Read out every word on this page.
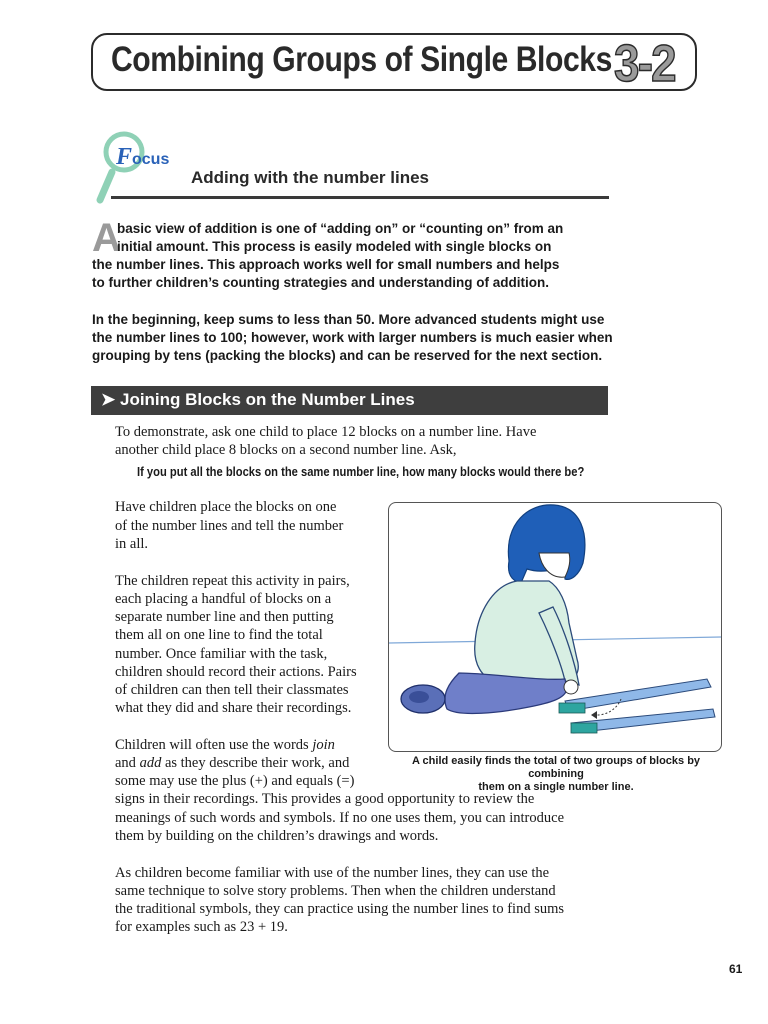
Combining Groups of Single Blocks 3-2
F ocus
Adding with the number lines
A
basic view of addition is one of “adding on” or “counting on” from an
initial amount. This process is easily modeled with single blocks on
the number lines. This approach works well for small numbers and helps
to further children’s counting strategies and understanding of addition.
In the beginning, keep sums to less than 50. More advanced students might use
the number lines to 100; however, work with larger numbers is much easier when
grouping by tens (packing the blocks) and can be reserved for the next section.
➤ Joining Blocks on the Number Lines
To demonstrate, ask one child to place 12 blocks on a number line. Have
another child place 8 blocks on a second number line. Ask,
If you put all the blocks on the same number line, how many blocks would there be?
Have children place the blocks on one
of the number lines and tell the number
in all.
The children repeat this activity in pairs,
each placing a handful of blocks on a
separate number line and then putting
them all on one line to find the total
number. Once familiar with the task,
children should record their actions. Pairs
of children can then tell their classmates
what they did and share their recordings.
Children will often use the words join
and add as they describe their work, and
some may use the plus (+) and equals (=)
signs in their recordings. This provides a good opportunity to review the
meanings of such words and symbols. If no one uses them, you can introduce
them by building on the children’s drawings and words.
As children become familiar with use of the number lines, they can use the
same technique to solve story problems. Then when the children understand
the traditional symbols, they can practice using the number lines to find sums
for examples such as 23 + 19.
A child easily finds the total of two groups of blocks by combining
them on a single number line.
61
